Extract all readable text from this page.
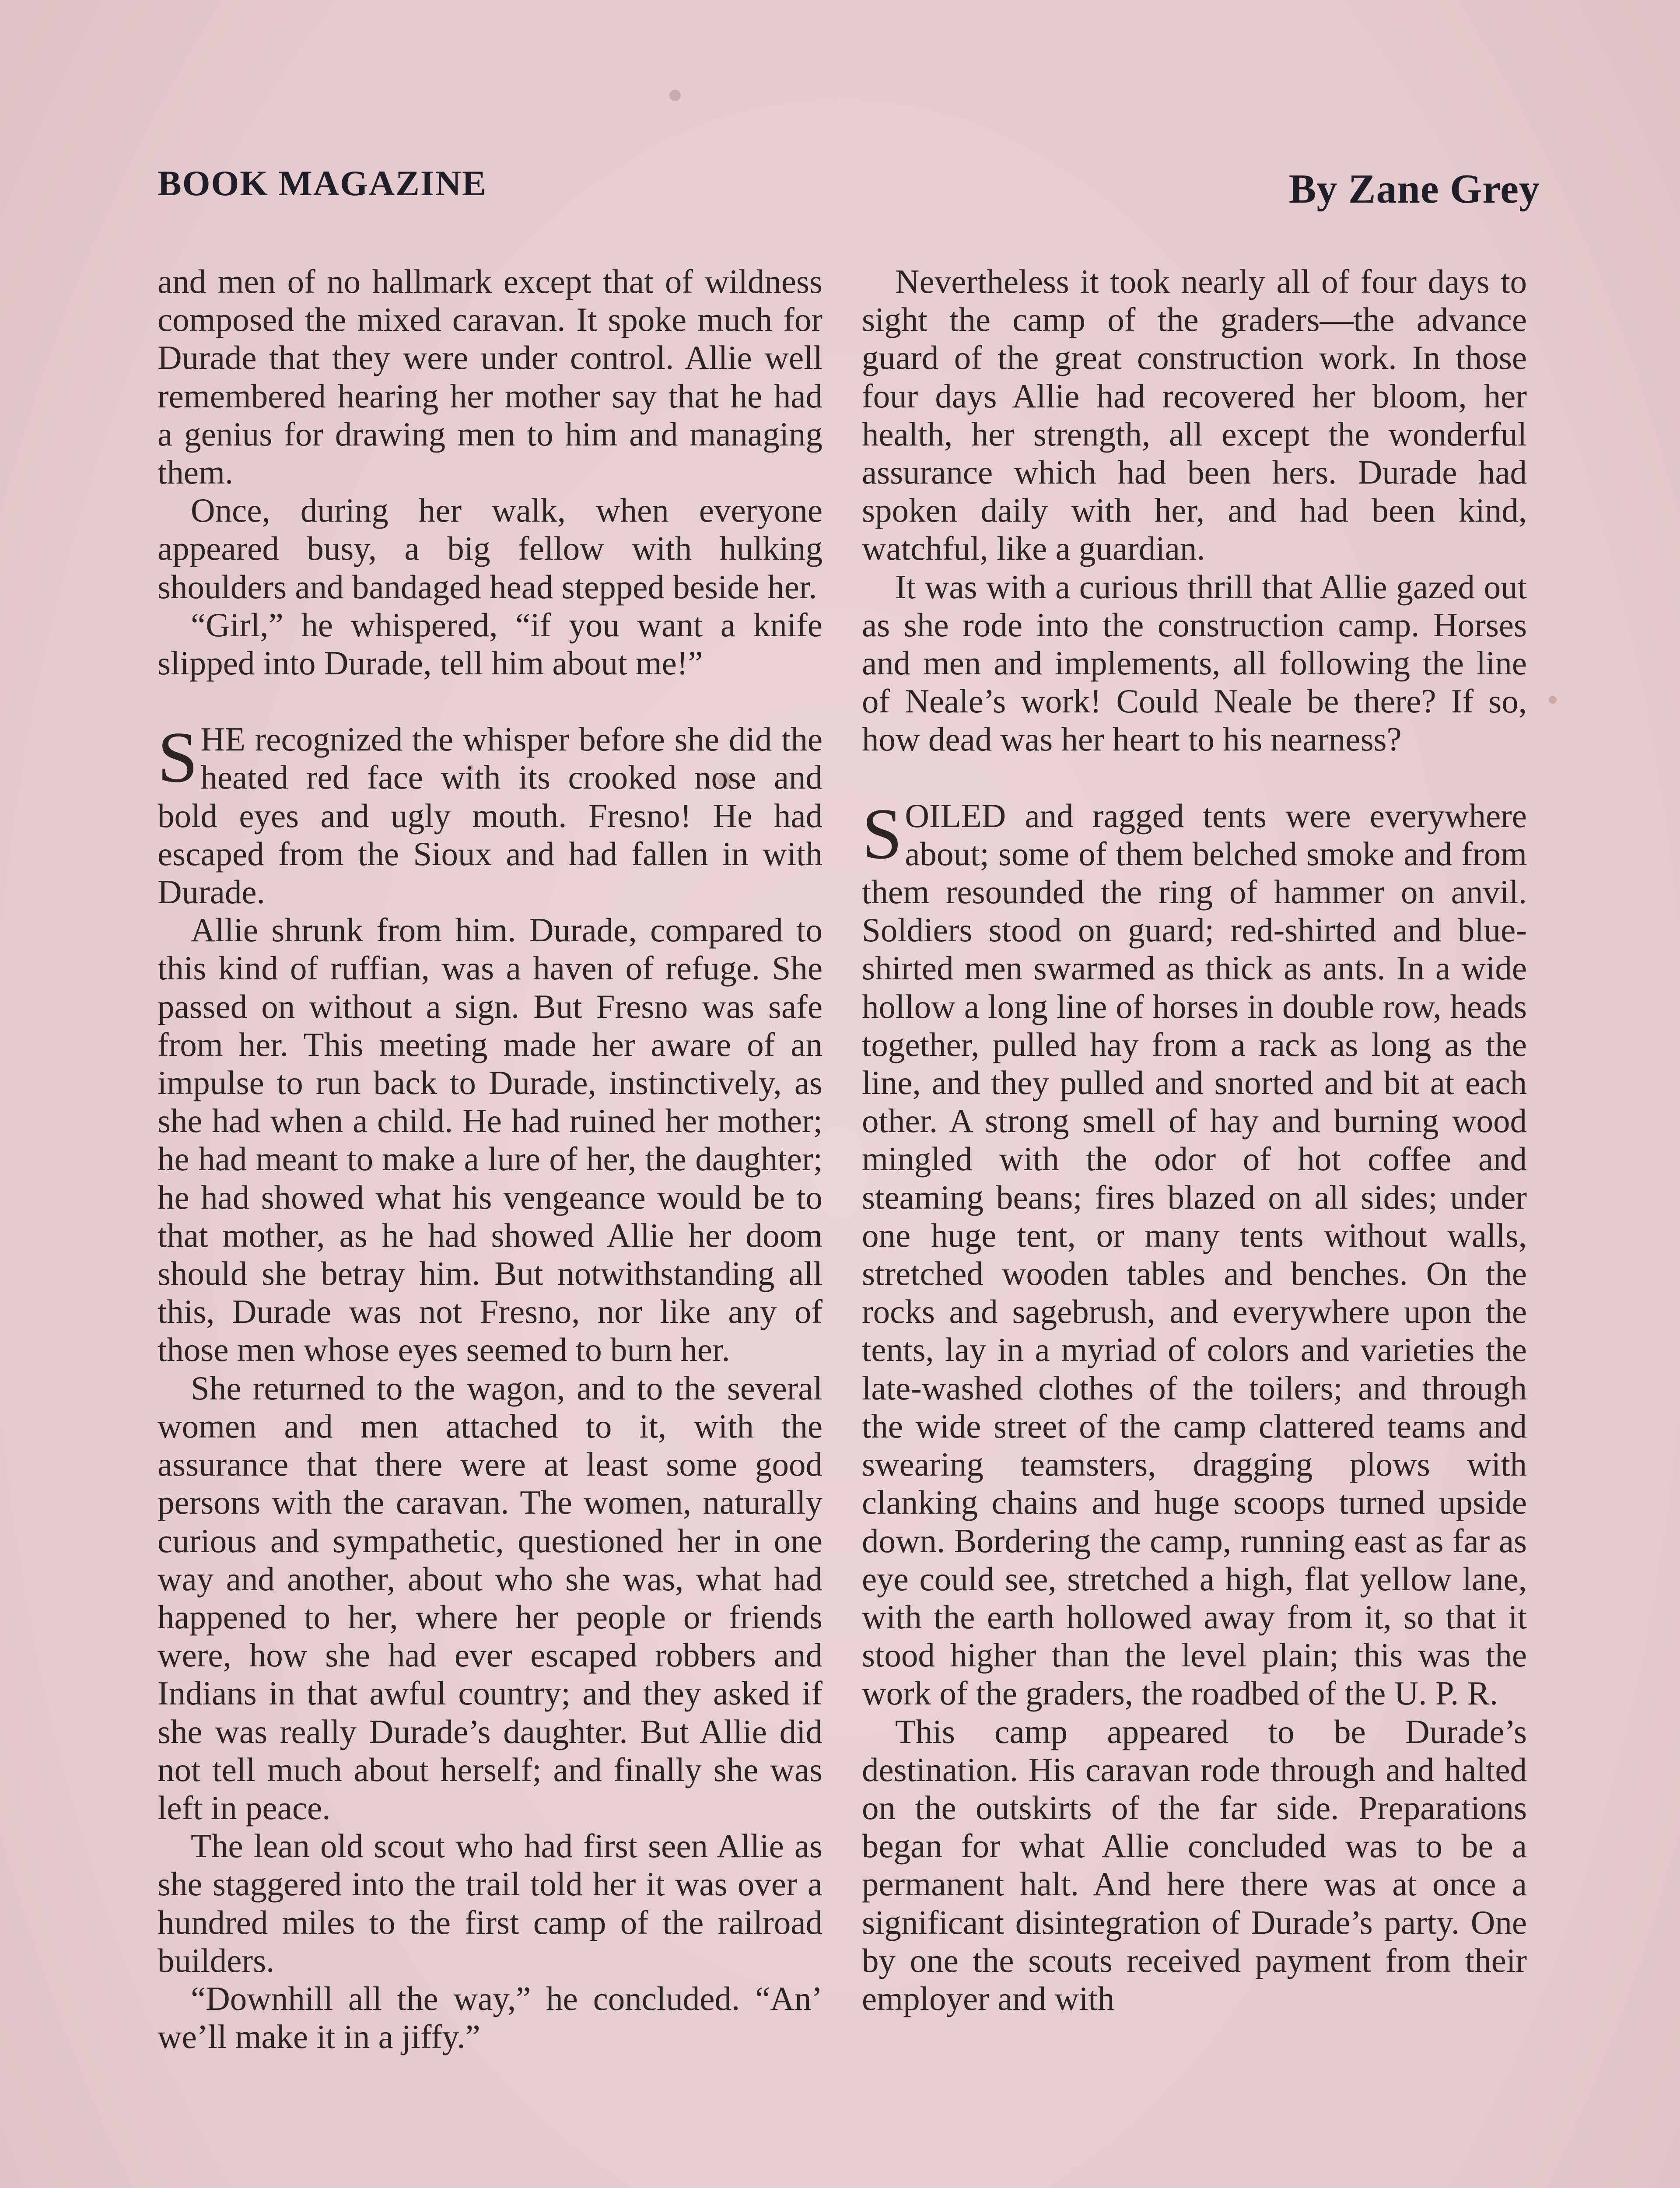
BOOK MAGAZINE	By Zane Grey

and men of no hallmark except that of wildness composed the mixed caravan. It spoke much for Durade that they were under control. Allie well remembered hearing her mother say that he had a genius for drawing men to him and managing them.

Once, during her walk, when everyone appeared busy, a big fellow with hulking shoulders and bandaged head stepped beside her.

“Girl,” he whispered, “if you want a knife slipped into Durade, tell him about me!”

SHE recognized the whisper before she did the heated red face with its crooked nose and bold eyes and ugly mouth. Fresno! He had escaped from the Sioux and had fallen in with Durade.

Allie shrunk from him. Durade, compared to this kind of ruffian, was a haven of refuge. She passed on without a sign. But Fresno was safe from her. This meeting made her aware of an impulse to run back to Durade, instinctively, as she had when a child. He had ruined her mother; he had meant to make a lure of her, the daughter; he had showed what his vengeance would be to that mother, as he had showed Allie her doom should she betray him. But notwithstanding all this, Durade was not Fresno, nor like any of those men whose eyes seemed to burn her.

She returned to the wagon, and to the several women and men attached to it, with the assurance that there were at least some good persons with the caravan. The women, naturally curious and sympathetic, questioned her in one way and another, about who she was, what had happened to her, where her people or friends were, how she had ever escaped robbers and Indians in that awful country; and they asked if she was really Durade’s daughter. But Allie did not tell much about herself; and finally she was left in peace.

The lean old scout who had first seen Allie as she staggered into the trail told her it was over a hundred miles to the first camp of the railroad builders.

“Downhill all the way,” he concluded. “An’ we’ll make it in a jiffy.”

Nevertheless it took nearly all of four days to sight the camp of the graders—the advance guard of the great construction work. In those four days Allie had recovered her bloom, her health, her strength, all except the wonderful assurance which had been hers. Durade had spoken daily with her, and had been kind, watchful, like a guardian.

It was with a curious thrill that Allie gazed out as she rode into the construction camp. Horses and men and implements, all following the line of Neale’s work! Could Neale be there? If so, how dead was her heart to his nearness?

SOILED and ragged tents were everywhere about; some of them belched smoke and from them resounded the ring of hammer on anvil. Soldiers stood on guard; red-shirted and blue-shirted men swarmed as thick as ants. In a wide hollow a long line of horses in double row, heads together, pulled hay from a rack as long as the line, and they pulled and snorted and bit at each other. A strong smell of hay and burning wood mingled with the odor of hot coffee and steaming beans; fires blazed on all sides; under one huge tent, or many tents without walls, stretched wooden tables and benches. On the rocks and sagebrush, and everywhere upon the tents, lay in a myriad of colors and varieties the late-washed clothes of the toilers; and through the wide street of the camp clattered teams and swearing teamsters, dragging plows with clanking chains and huge scoops turned upside down. Bordering the camp, running east as far as eye could see, stretched a high, flat yellow lane, with the earth hollowed away from it, so that it stood higher than the level plain; this was the work of the graders, the roadbed of the U. P. R.

This camp appeared to be Durade’s destination. His caravan rode through and halted on the outskirts of the far side. Preparations began for what Allie concluded was to be a permanent halt. And here there was at once a significant disintegration of Durade’s party. One by one the scouts received payment from their employer and with
